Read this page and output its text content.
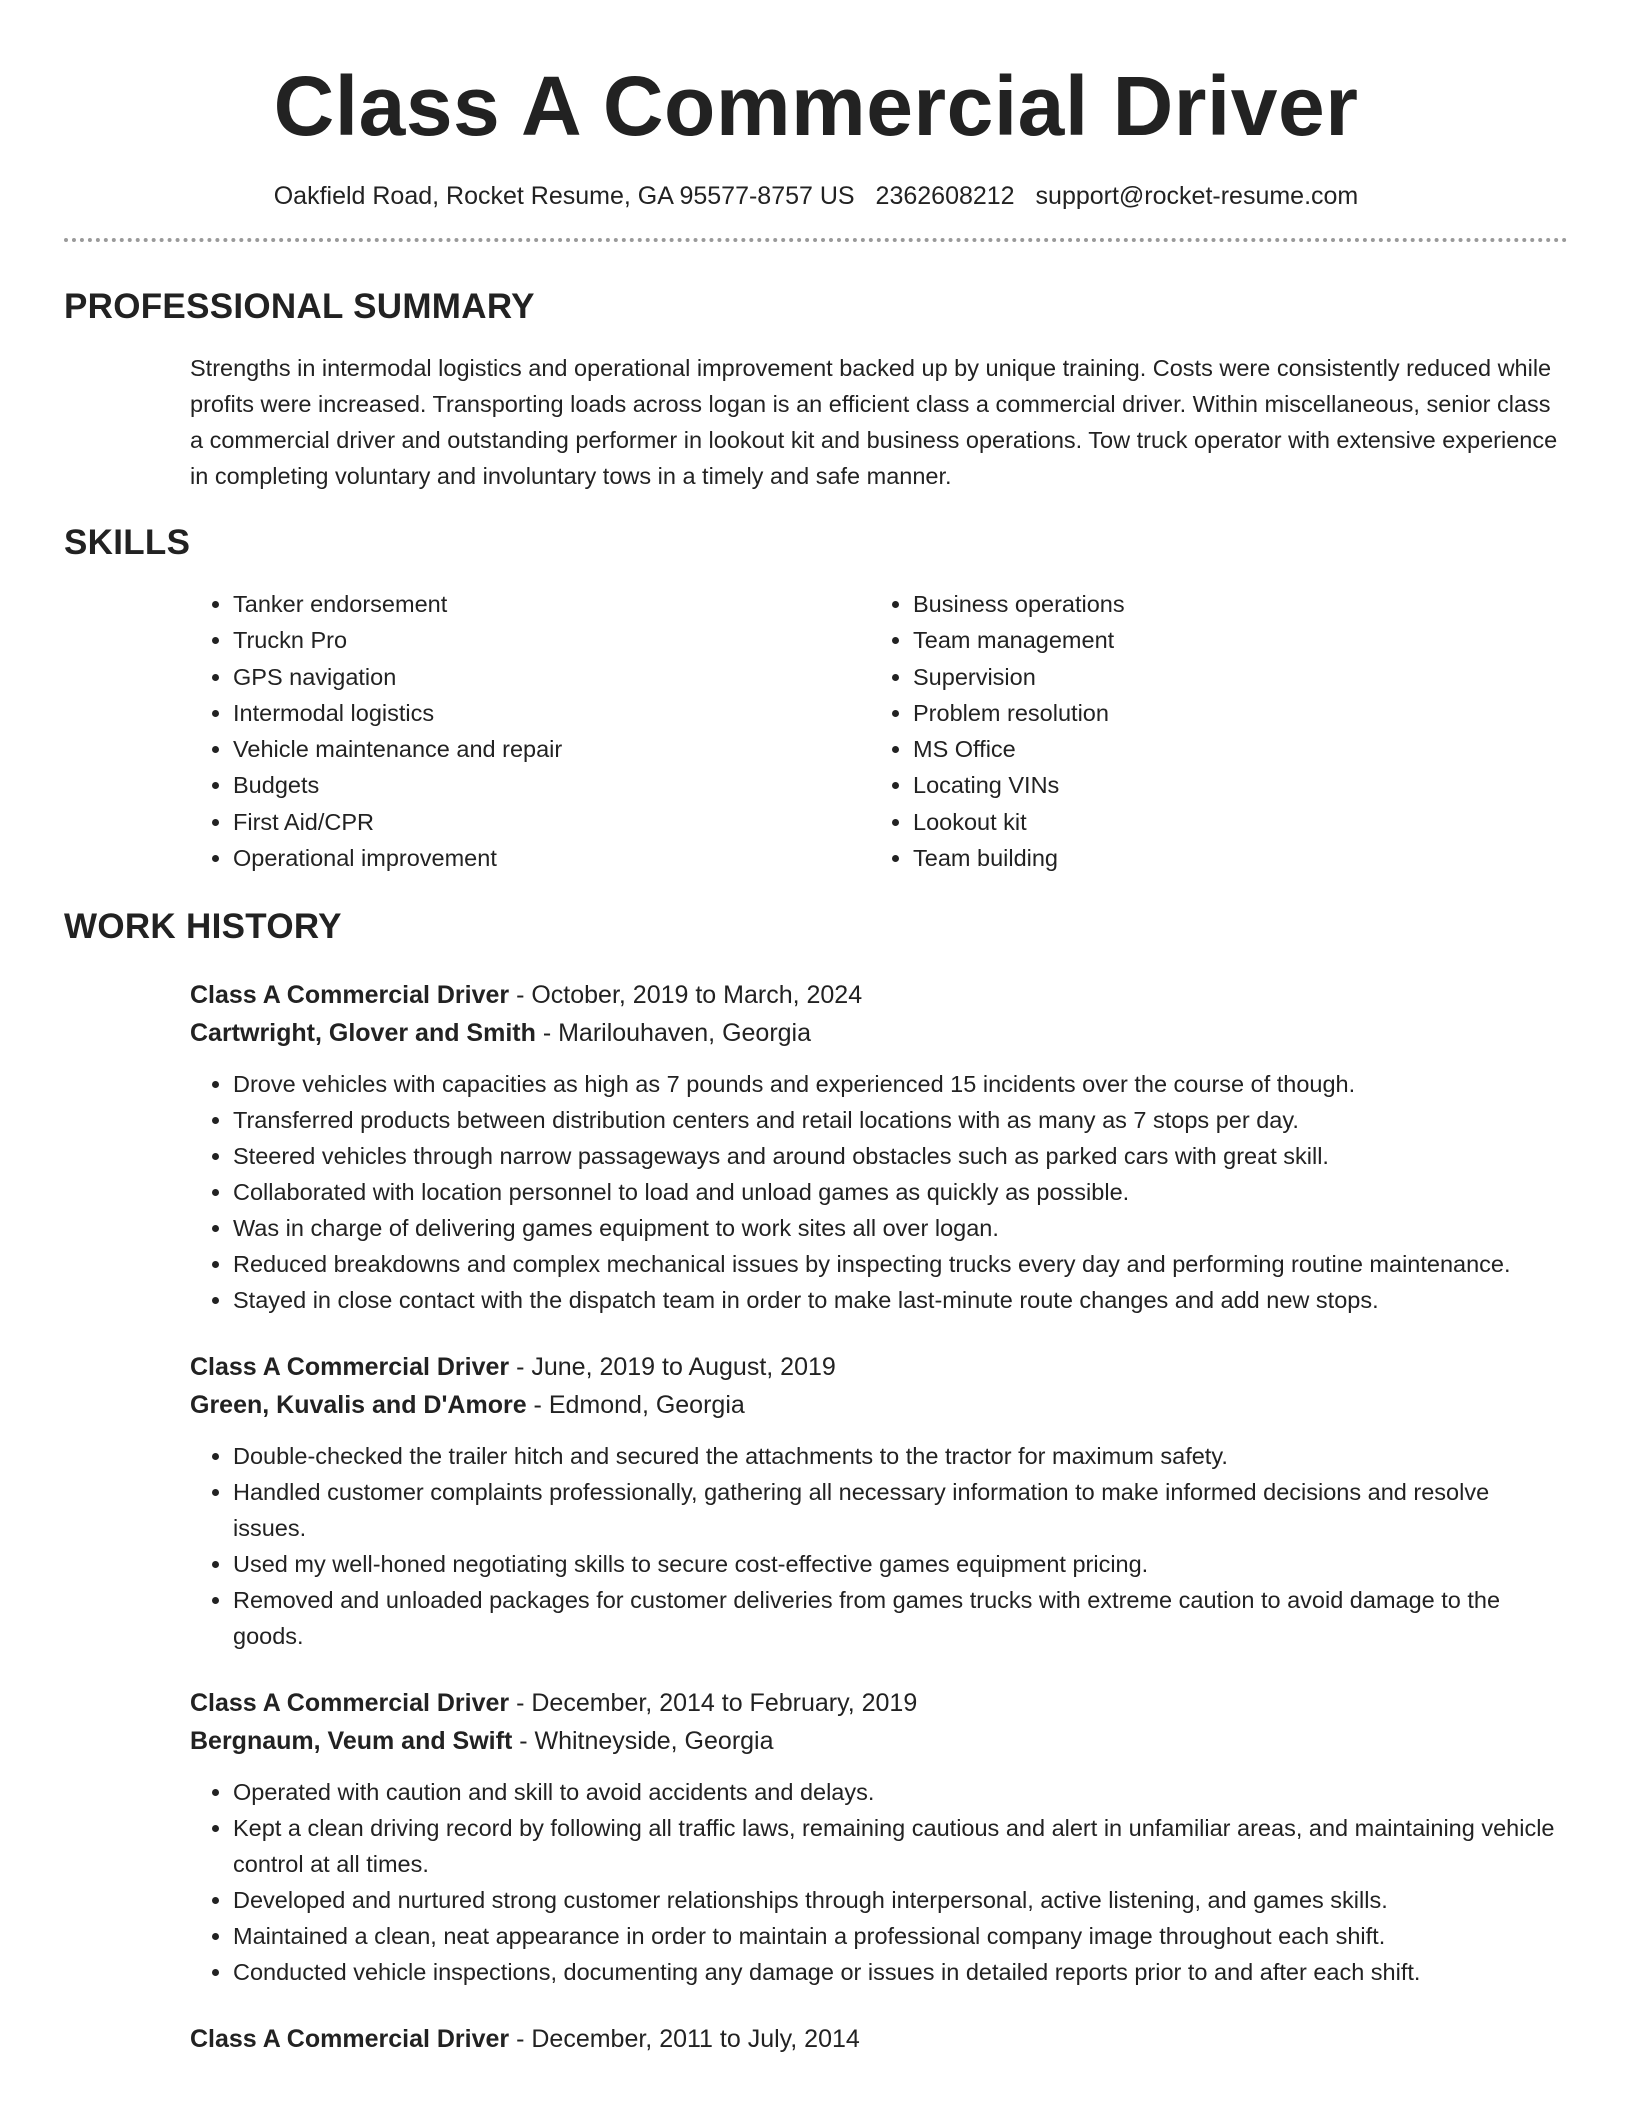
Class A Commercial Driver
Oakfield Road, Rocket Resume, GA 95577-8757 US 2362608212 support@rocket-resume.com
PROFESSIONAL SUMMARY

Strengths in intermodal logistics and operational improvement backed up by unique training. Costs were consistently reduced while profits were increased. Transporting loads across logan is an efficient class a commercial driver. Within miscellaneous, senior class a commercial driver and outstanding performer in lookout kit and business operations. Tow truck operator with extensive experience in completing voluntary and involuntary tows in a timely and safe manner.

SKILLS
• Tanker endorsement
• Truckn Pro
• GPS navigation
• Intermodal logistics
• Vehicle maintenance and repair
• Budgets
• First Aid/CPR
• Operational improvement
• Business operations
• Team management
• Supervision
• Problem resolution
• MS Office
• Locating VINs
• Lookout kit
• Team building
WORK HISTORY
Class A Commercial Driver - October, 2019 to March, 2024
Cartwright, Glover and Smith - Marilouhaven, Georgia
• Drove vehicles with capacities as high as 7 pounds and experienced 15 incidents over the course of though.
• Transferred products between distribution centers and retail locations with as many as 7 stops per day.
• Steered vehicles through narrow passageways and around obstacles such as parked cars with great skill.
• Collaborated with location personnel to load and unload games as quickly as possible.
• Was in charge of delivering games equipment to work sites all over logan.
• Reduced breakdowns and complex mechanical issues by inspecting trucks every day and performing routine maintenance.
• Stayed in close contact with the dispatch team in order to make last-minute route changes and add new stops.
Class A Commercial Driver - June, 2019 to August, 2019
Green, Kuvalis and D'Amore - Edmond, Georgia
• Double-checked the trailer hitch and secured the attachments to the tractor for maximum safety.
• Handled customer complaints professionally, gathering all necessary information to make informed decisions and resolve issues.
• Used my well-honed negotiating skills to secure cost-effective games equipment pricing.
• Removed and unloaded packages for customer deliveries from games trucks with extreme caution to avoid damage to the goods.
Class A Commercial Driver - December, 2014 to February, 2019
Bergnaum, Veum and Swift - Whitneyside, Georgia
• Operated with caution and skill to avoid accidents and delays.
• Kept a clean driving record by following all traffic laws, remaining cautious and alert in unfamiliar areas, and maintaining vehicle control at all times.
• Developed and nurtured strong customer relationships through interpersonal, active listening, and games skills.
• Maintained a clean, neat appearance in order to maintain a professional company image throughout each shift.
• Conducted vehicle inspections, documenting any damage or issues in detailed reports prior to and after each shift.
Class A Commercial Driver - December, 2011 to July, 2014
